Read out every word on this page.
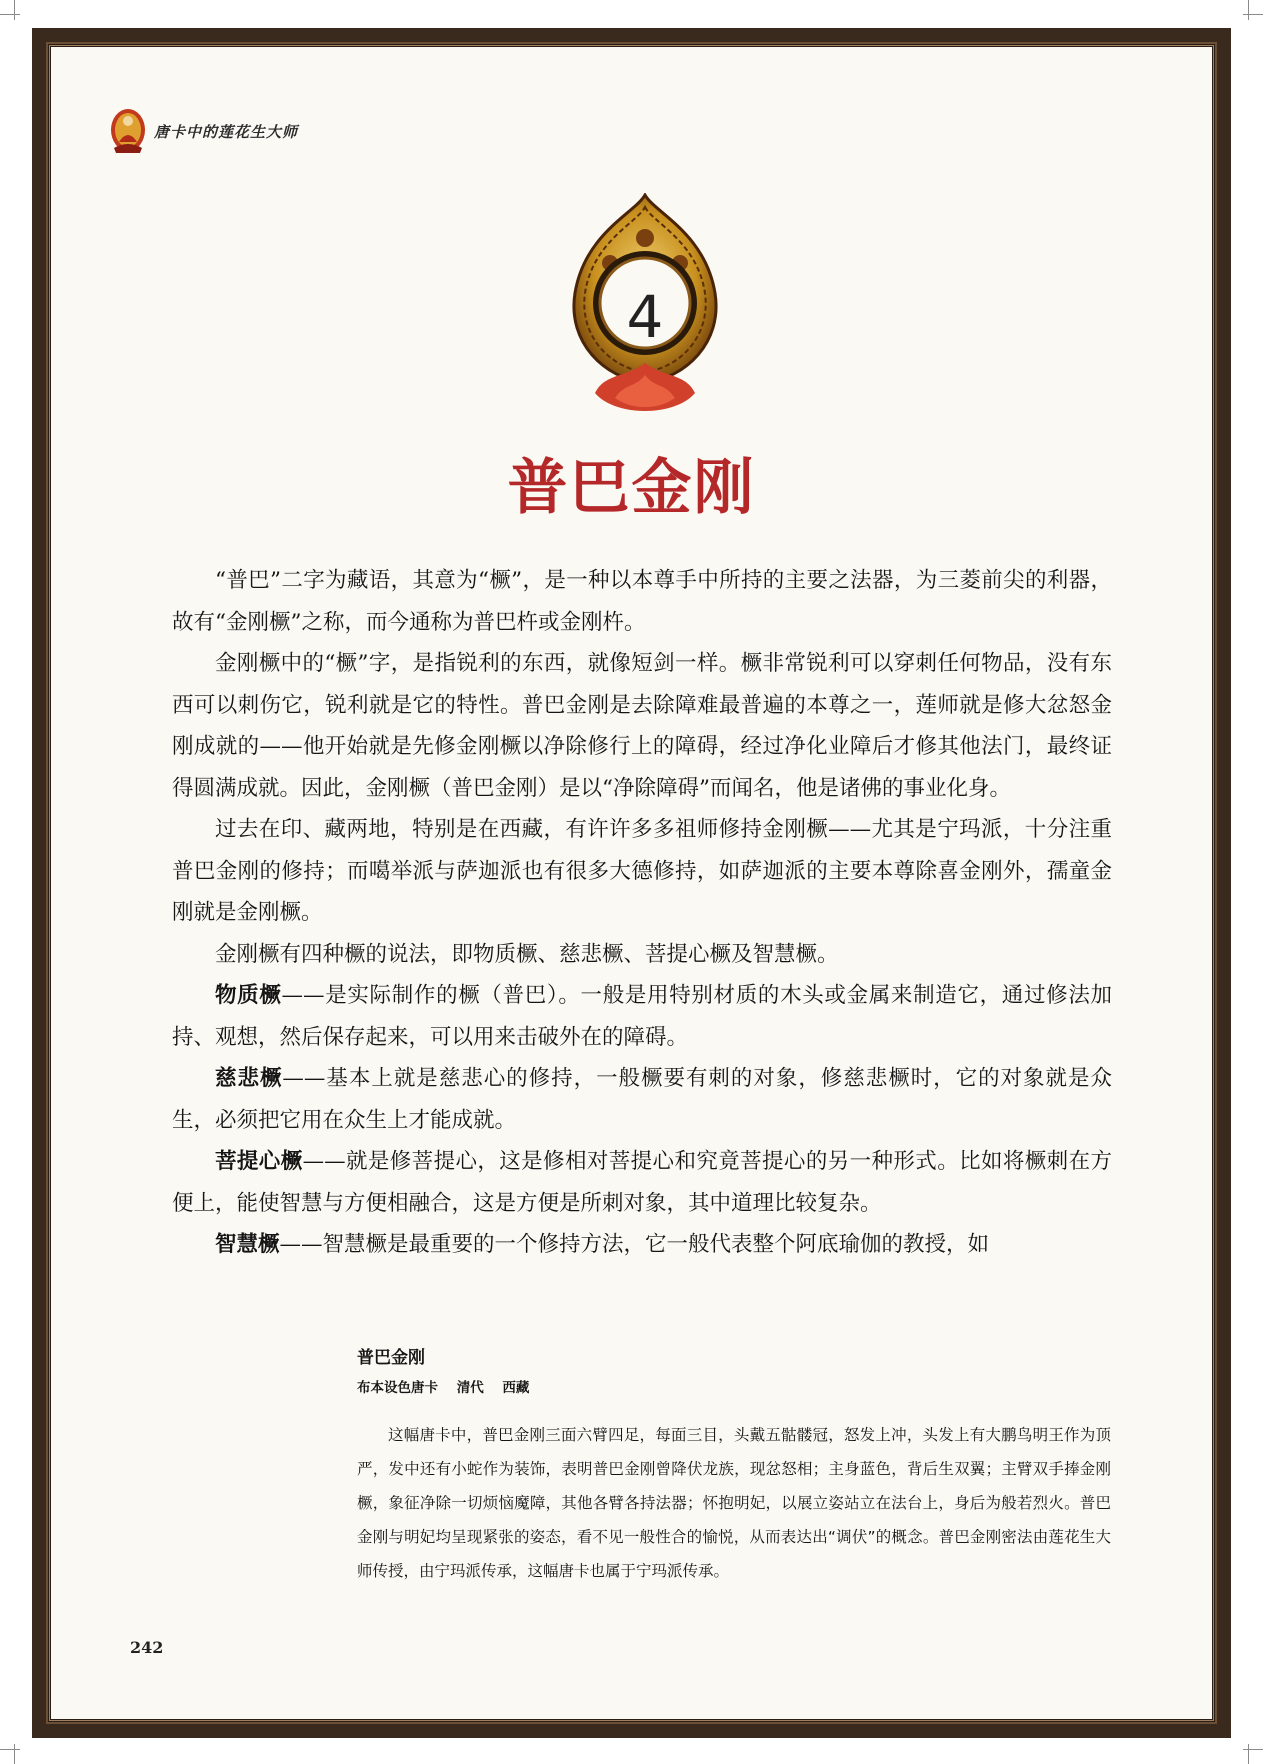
唐卡中的莲花生大师
4
普巴金刚

“普巴”二字为藏语，其意为“橛”，是一种以本尊手中所持的主要之法器，为三菱前尖的利器，故有“金刚橛”之称，而今通称为普巴杵或金刚杵。

金刚橛中的“橛”字，是指锐利的东西，就像短剑一样。橛非常锐利可以穿刺任何物品，没有东西可以刺伤它，锐利就是它的特性。普巴金刚是去除障难最普遍的本尊之一，莲师就是修大忿怒金刚成就的——他开始就是先修金刚橛以净除修行上的障碍，经过净化业障后才修其他法门，最终证得圆满成就。因此，金刚橛（普巴金刚）是以“净除障碍”而闻名，他是诸佛的事业化身。

过去在印、藏两地，特别是在西藏，有许许多多祖师修持金刚橛——尤其是宁玛派，十分注重普巴金刚的修持；而噶举派与萨迦派也有很多大德修持，如萨迦派的主要本尊除喜金刚外，孺童金刚就是金刚橛。

金刚橛有四种橛的说法，即物质橛、慈悲橛、菩提心橛及智慧橛。

物质橛——是实际制作的橛（普巴）。一般是用特别材质的木头或金属来制造它，通过修法加持、观想，然后保存起来，可以用来击破外在的障碍。

慈悲橛——基本上就是慈悲心的修持，一般橛要有刺的对象，修慈悲橛时，它的对象就是众生，必须把它用在众生上才能成就。

菩提心橛——就是修菩提心，这是修相对菩提心和究竟菩提心的另一种形式。比如将橛刺在方便上，能使智慧与方便相融合，这是方便是所刺对象，其中道理比较复杂。

智慧橛——智慧橛是最重要的一个修持方法，它一般代表整个阿底瑜伽的教授，如

普巴金刚
布本设色唐卡 清代 西藏

这幅唐卡中，普巴金刚三面六臂四足，每面三目，头戴五骷髅冠，怒发上冲，头发上有大鹏鸟明王作为顶严，发中还有小蛇作为装饰，表明普巴金刚曾降伏龙族，现忿怒相；主身蓝色，背后生双翼；主臂双手捧金刚橛，象征净除一切烦恼魔障，其他各臂各持法器；怀抱明妃，以展立姿站立在法台上，身后为般若烈火。普巴金刚与明妃均呈现紧张的姿态，看不见一般性合的愉悦，从而表达出“调伏”的概念。普巴金刚密法由莲花生大师传授，由宁玛派传承，这幅唐卡也属于宁玛派传承。

242
